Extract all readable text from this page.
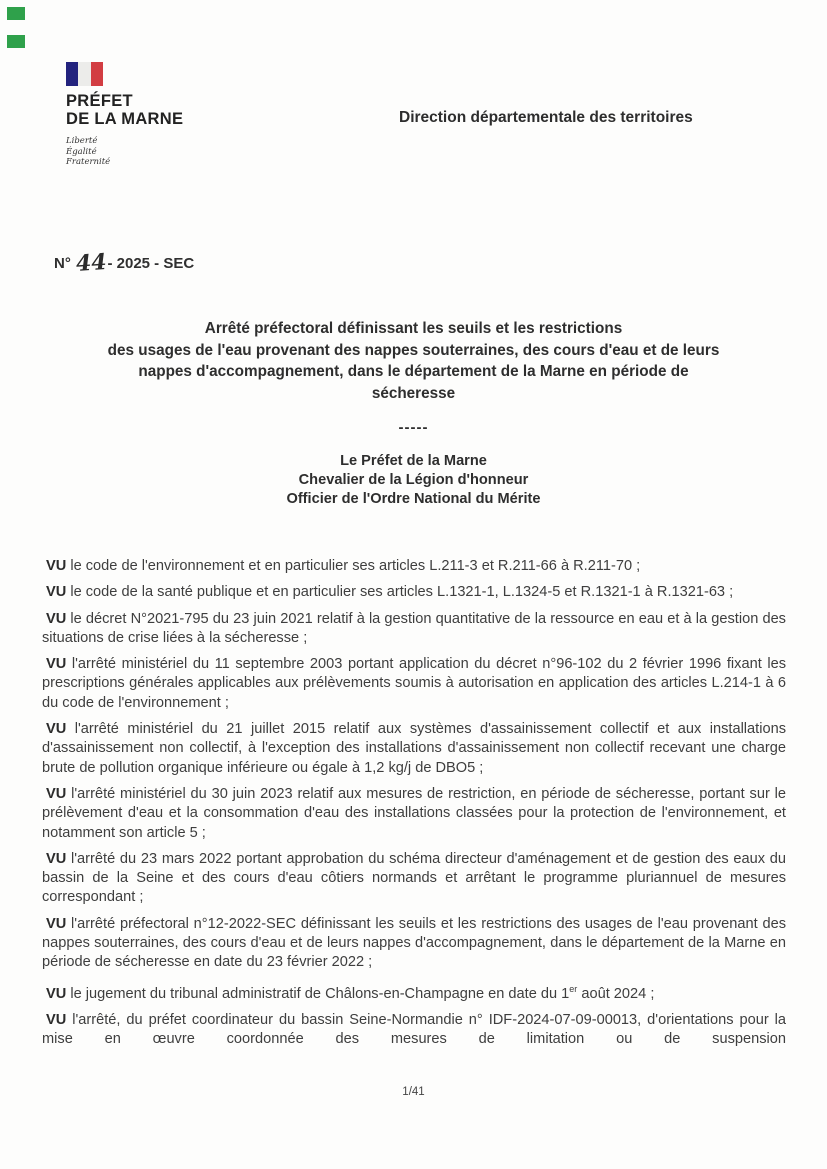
PRÉFET
DE LA MARNE
Liberté
Égalité
Fraternité
Direction départementale des territoires
N° 44- 2025 - SEC
Arrêté préfectoral définissant les seuils et les restrictions
des usages de l'eau provenant des nappes souterraines, des cours d'eau et de leurs
nappes d'accompagnement, dans le département de la Marne en période de
sécheresse
-----
Le Préfet de la Marne
Chevalier de la Légion d'honneur
Officier de l'Ordre National du Mérite

VU le code de l'environnement et en particulier ses articles L.211-3 et R.211-66 à R.211-70 ;

VU le code de la santé publique et en particulier ses articles L.1321-1, L.1324-5 et R.1321-1 à R.1321-63 ;

VU le décret N°2021-795 du 23 juin 2021 relatif à la gestion quantitative de la ressource en eau et à la gestion des situations de crise liées à la sécheresse ;

VU l'arrêté ministériel du 11 septembre 2003 portant application du décret n°96-102 du 2 février 1996 fixant les prescriptions générales applicables aux prélèvements soumis à autorisation en application des articles L.214-1 à 6 du code de l'environnement ;

VU l'arrêté ministériel du 21 juillet 2015 relatif aux systèmes d'assainissement collectif et aux installations d'assainissement non collectif, à l'exception des installations d'assainissement non collectif recevant une charge brute de pollution organique inférieure ou égale à 1,2 kg/j de DBO5 ;

VU l'arrêté ministériel du 30 juin 2023 relatif aux mesures de restriction, en période de sécheresse, portant sur le prélèvement d'eau et la consommation d'eau des installations classées pour la protection de l'environnement, et notamment son article 5 ;

VU l'arrêté du 23 mars 2022 portant approbation du schéma directeur d'aménagement et de gestion des eaux du bassin de la Seine et des cours d'eau côtiers normands et arrêtant le programme pluriannuel de mesures correspondant ;

VU l'arrêté préfectoral n°12-2022-SEC définissant les seuils et les restrictions des usages de l'eau provenant des nappes souterraines, des cours d'eau et de leurs nappes d'accompagnement, dans le département de la Marne en période de sécheresse en date du 23 février 2022 ;

VU le jugement du tribunal administratif de Châlons-en-Champagne en date du 1er août 2024 ;

VU l'arrêté, du préfet coordinateur du bassin Seine-Normandie n° IDF-2024-07-09-00013, d'orientations pour la mise en œuvre coordonnée des mesures de limitation ou de suspension

1/41
